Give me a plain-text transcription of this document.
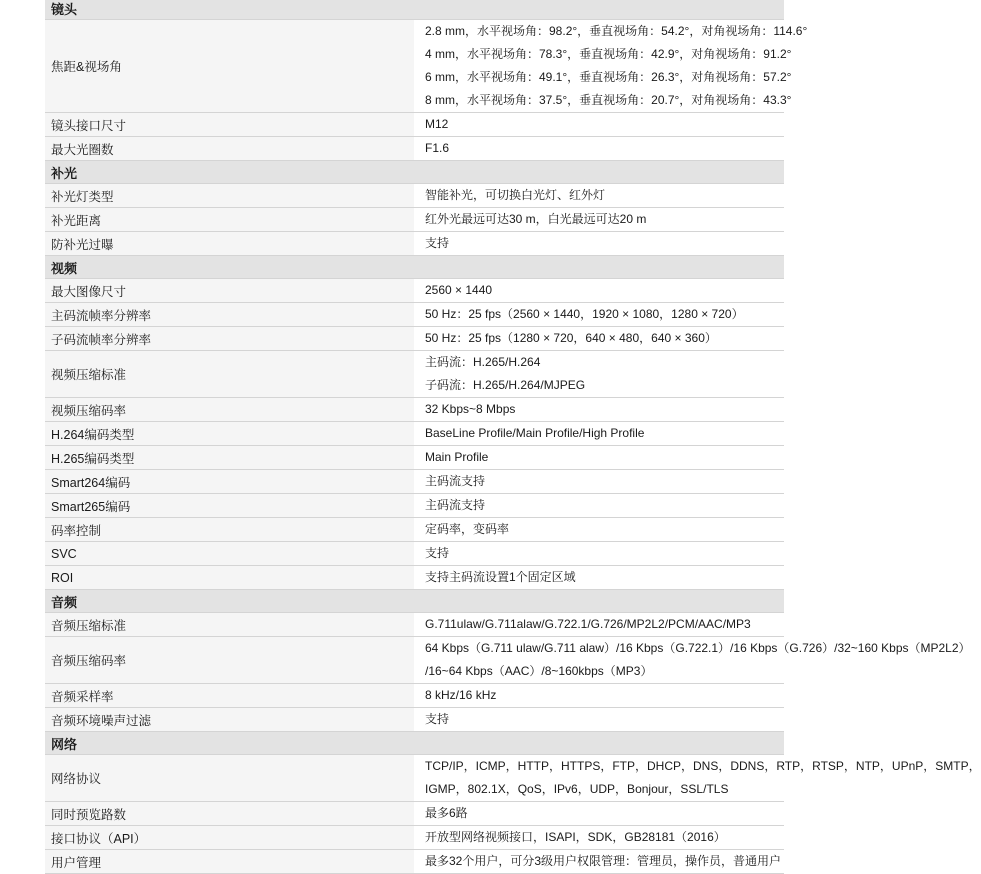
镜头	
焦距&视场角	2.8 mm，水平视场角：98.2°，垂直视场角：54.2°，对角视场角：114.6°
4 mm，水平视场角：78.3°，垂直视场角：42.9°，对角视场角：91.2°
6 mm，水平视场角：49.1°，垂直视场角：26.3°，对角视场角：57.2°
8 mm，水平视场角：37.5°，垂直视场角：20.7°，对角视场角：43.3°

镜头接口尺寸	M12

最大光圈数	F1.6

补光	
补光灯类型	智能补光，可切换白光灯、红外灯

补光距离	红外光最远可达30 m，白光最远可达20 m

防补光过曝	支持

视频	
最大图像尺寸	2560 × 1440

主码流帧率分辨率	50 Hz：25 fps（2560 × 1440，1920 × 1080，1280 × 720）

子码流帧率分辨率	50 Hz：25 fps（1280 × 720，640 × 480，640 × 360）

视频压缩标准	主码流：H.265/H.264
子码流：H.265/H.264/MJPEG

视频压缩码率	32 Kbps~8 Mbps

H.264编码类型	BaseLine Profile/Main Profile/High Profile

H.265编码类型	Main Profile

Smart264编码	主码流支持

Smart265编码	主码流支持

码率控制	定码率，变码率

SVC	支持

ROI	支持主码流设置1个固定区域

音频	
音频压缩标准	G.711ulaw/G.711alaw/G.722.1/G.726/MP2L2/PCM/AAC/MP3

音频压缩码率	64 Kbps（G.711 ulaw/G.711 alaw）/16 Kbps（G.722.1）/16 Kbps（G.726）/32~160 Kbps（MP2L2）
/16~64 Kbps（AAC）/8~160kbps（MP3）

音频采样率	8 kHz/16 kHz

音频环境噪声过滤	支持

网络	
网络协议	TCP/IP，ICMP，HTTP，HTTPS，FTP，DHCP，DNS，DDNS，RTP，RTSP，NTP，UPnP，SMTP，
IGMP，802.1X，QoS，IPv6，UDP，Bonjour，SSL/TLS

同时预览路数	最多6路

接口协议（API）	开放型网络视频接口，ISAPI，SDK，GB28181（2016）

用户管理	最多32个用户，可分3级用户权限管理：管理员，操作员，普通用户
